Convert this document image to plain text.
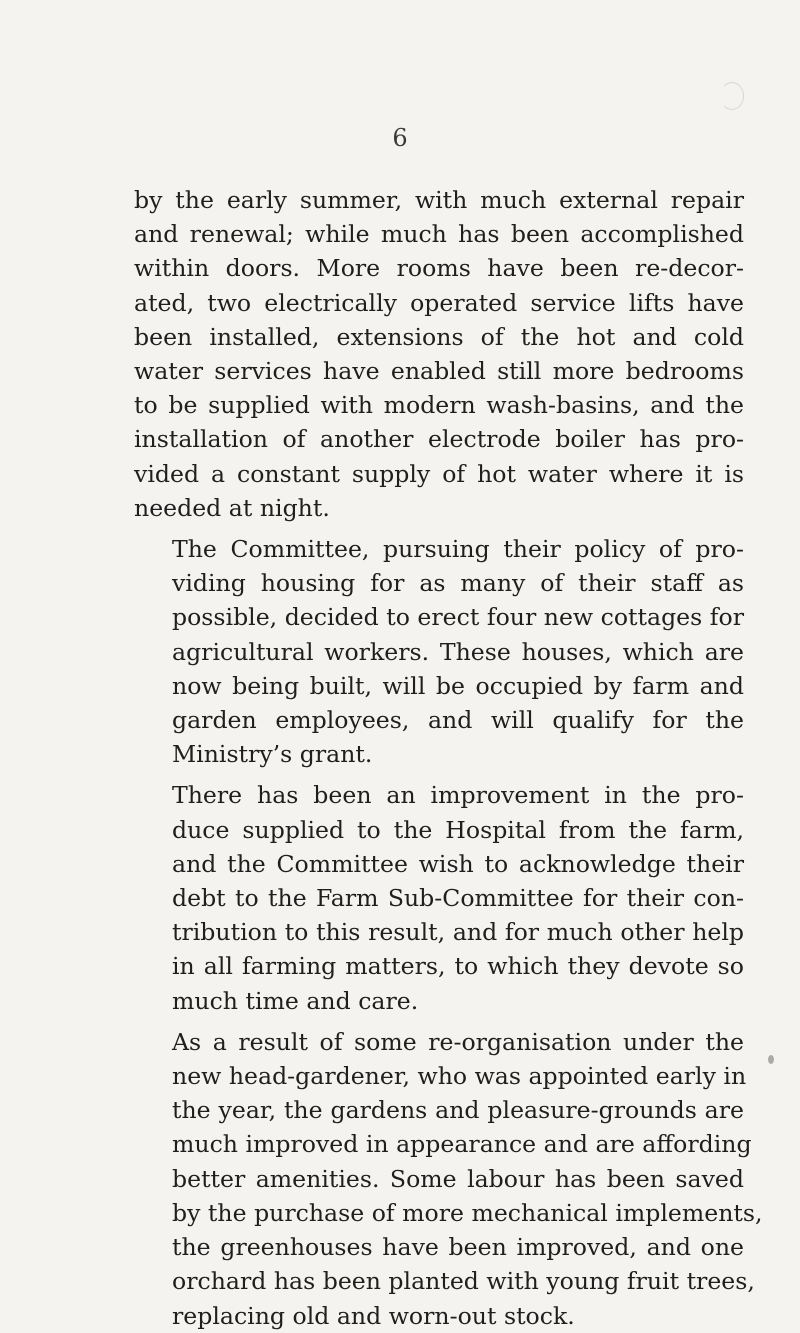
6

by the early summer, with much external repair
and renewal; while much has been accomplished
within doors. More rooms have been re-decor-
ated, two electrically operated service lifts have
been installed, extensions of the hot and cold
water services have enabled still more bedrooms
to be supplied with modern wash-basins, and the
installation of another electrode boiler has pro-
vided a constant supply of hot water where it is
needed at night.

The Committee, pursuing their policy of pro-
viding housing for as many of their staff as
possible, decided to erect four new cottages for
agricultural workers. These houses, which are
now being built, will be occupied by farm and
garden employees, and will qualify for the
Ministry’s grant.

There has been an improvement in the pro-
duce supplied to the Hospital from the farm,
and the Committee wish to acknowledge their
debt to the Farm Sub-Committee for their con-
tribution to this result, and for much other help
in all farming matters, to which they devote so
much time and care.

As a result of some re-organisation under the
new head-gardener, who was appointed early in
the year, the gardens and pleasure-grounds are
much improved in appearance and are affording
better amenities. Some labour has been saved
by the purchase of more mechanical implements,
the greenhouses have been improved, and one
orchard has been planted with young fruit trees,
replacing old and worn-out stock.
